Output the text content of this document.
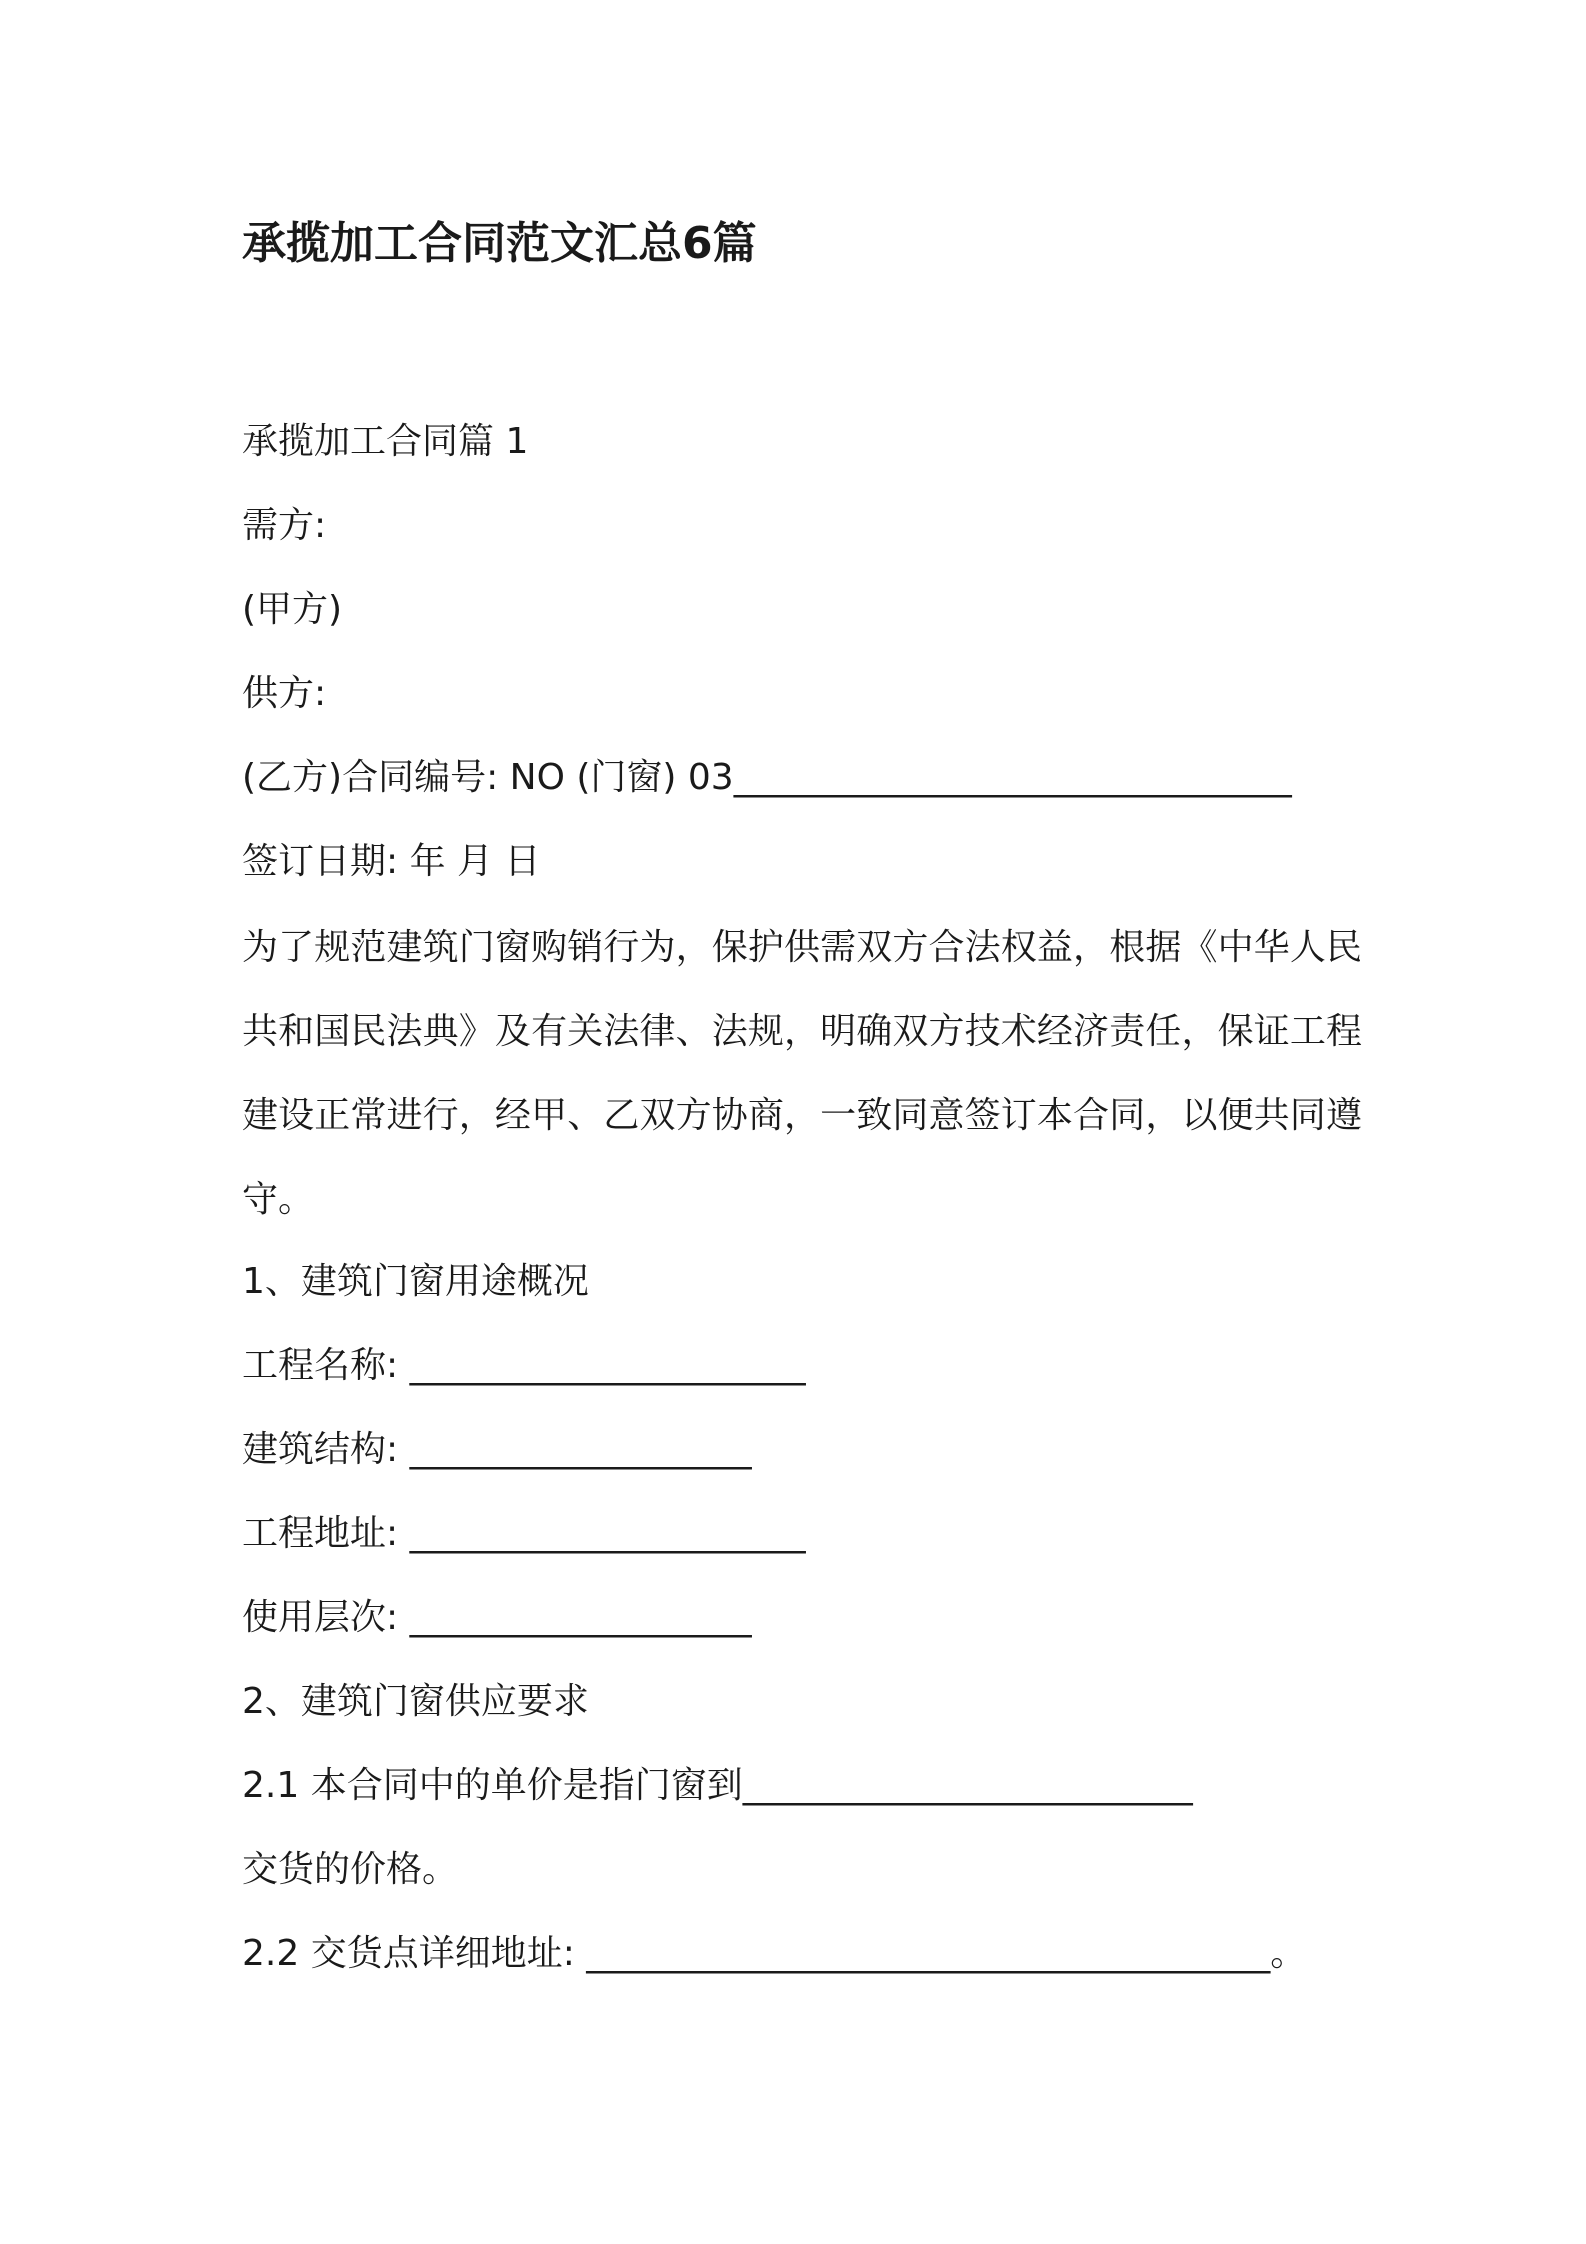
承揽加工合同范文汇总6篇

承揽加工合同篇 1

需方:

(甲方)

供方:

(乙方)合同编号: NO (门窗) 03_______________________________

签订日期: 年 月 日

为了规范建筑门窗购销行为，保护供需双方合法权益，根据《中华人民共和国民法典》及有关法律、法规，明确双方技术经济责任，保证工程建设正常进行，经甲、乙双方协商，一致同意签订本合同，以便共同遵守。

1、建筑门窗用途概况

工程名称: ______________________

建筑结构: ___________________

工程地址: ______________________

使用层次: ___________________

2、建筑门窗供应要求

2.1 本合同中的单价是指门窗到_________________________

交货的价格。

2.2 交货点详细地址: ______________________________________。
